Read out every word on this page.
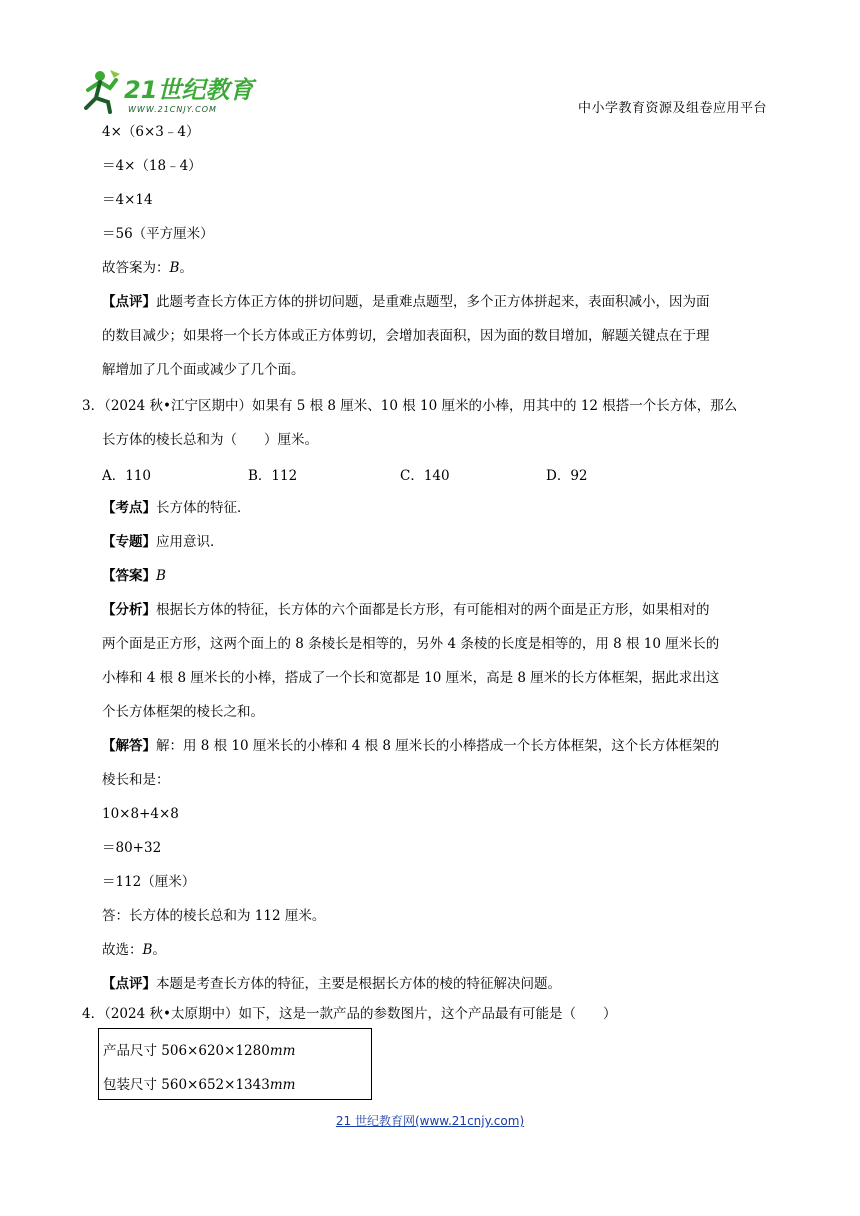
21世纪教育
WWW.21CNJY.COM	中小学教育资源及组卷应用平台
4×（6×3﹣4）
＝4×（18﹣4）
＝4×14
＝56（平方厘米）
故答案为：B。
【点评】此题考查长方体正方体的拼切问题，是重难点题型，多个正方体拼起来，表面积减小，因为面
的数目减少；如果将一个长方体或正方体剪切，会增加表面积，因为面的数目增加，解题关键点在于理
解增加了几个面或减少了几个面。
3．（2024 秋•江宁区期中）如果有 5 根 8 厘米、10 根 10 厘米的小棒，用其中的 12 根搭一个长方体，那么
长方体的棱长总和为（　　）厘米。
A．110	B．112	C．140	D．92
【考点】长方体的特征．
【专题】应用意识．
【答案】B
【分析】根据长方体的特征，长方体的六个面都是长方形，有可能相对的两个面是正方形，如果相对的
两个面是正方形，这两个面上的 8 条棱长是相等的，另外 4 条棱的长度是相等的，用 8 根 10 厘米长的
小棒和 4 根 8 厘米长的小棒，搭成了一个长和宽都是 10 厘米，高是 8 厘米的长方体框架，据此求出这
个长方体框架的棱长之和。
【解答】解：用 8 根 10 厘米长的小棒和 4 根 8 厘米长的小棒搭成一个长方体框架，这个长方体框架的
棱长和是：
10×8+4×8
＝80+32
＝112（厘米）
答：长方体的棱长总和为 112 厘米。
故选：B。
【点评】本题是考查长方体的特征，主要是根据长方体的棱的特征解决问题。
4．（2024 秋•太原期中）如下，这是一款产品的参数图片，这个产品最有可能是（　　）
产品尺寸 506×620×1280mm
包装尺寸 560×652×1343mm
21 世纪教育网(www.21cnjy.com)
